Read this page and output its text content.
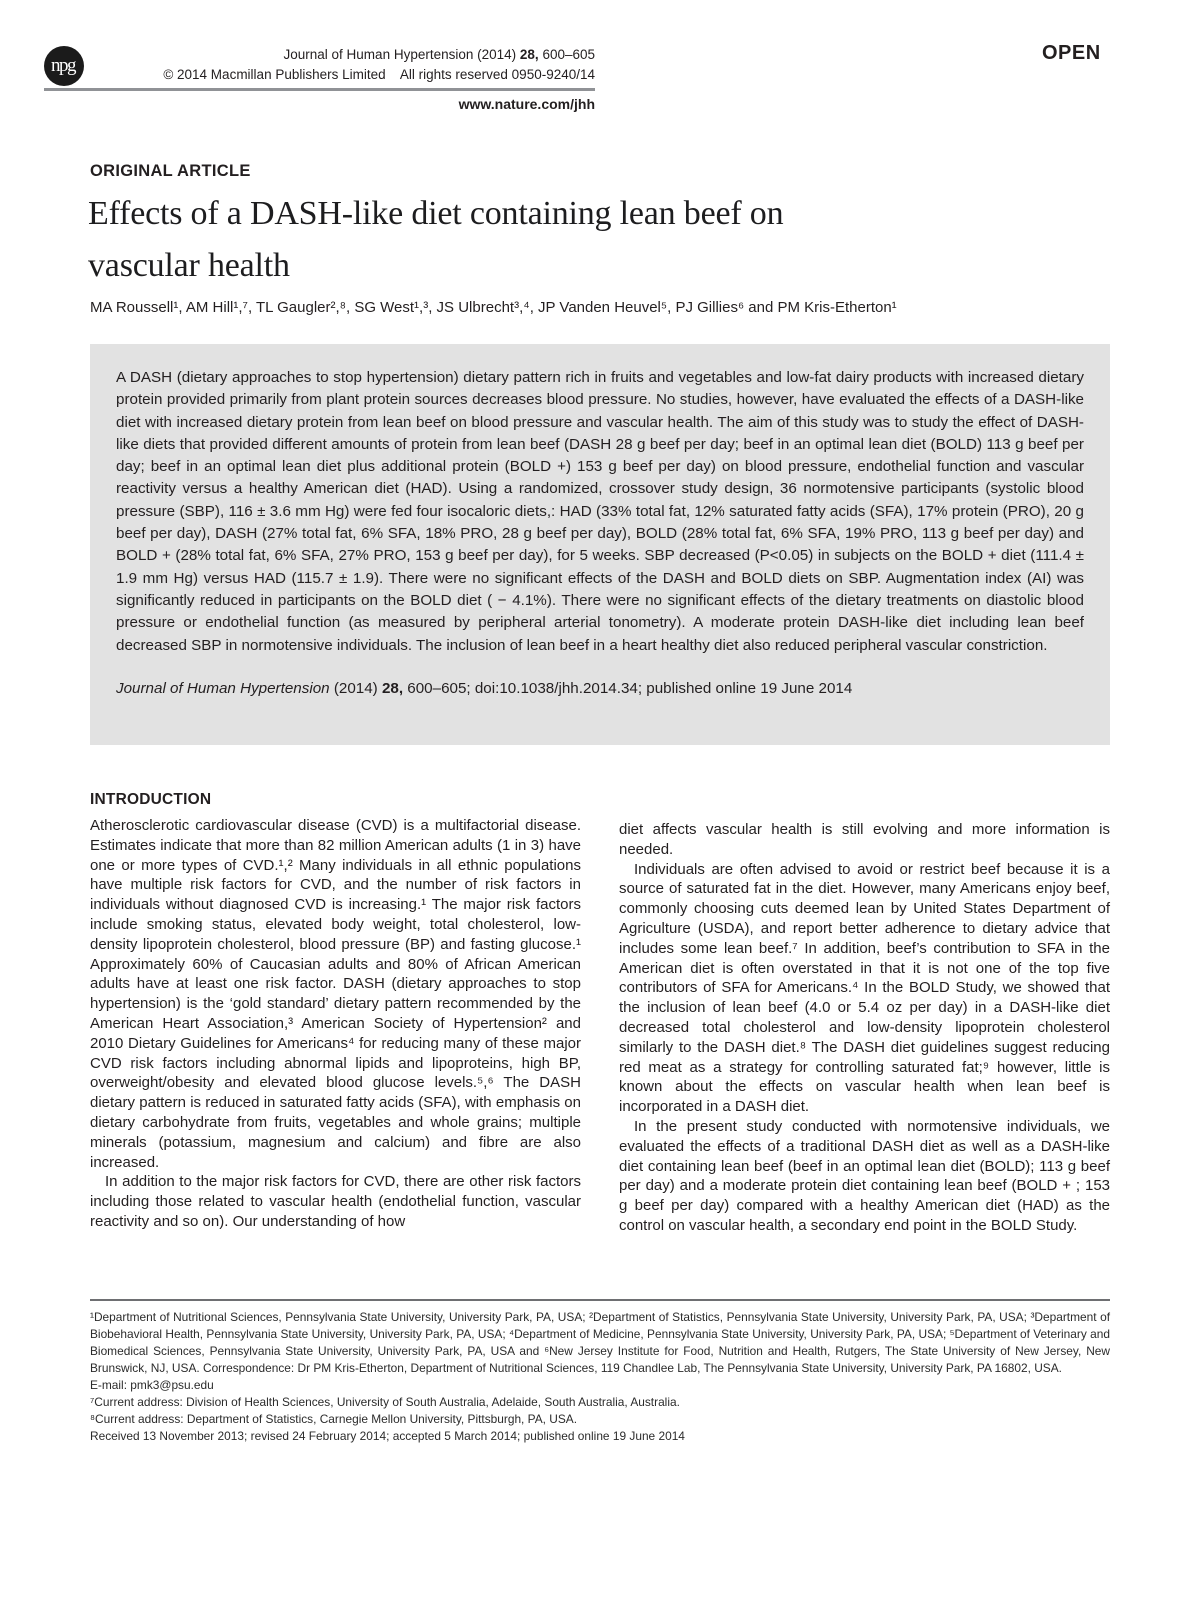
npg
Journal of Human Hypertension (2014) 28, 600–605
© 2014 Macmillan Publishers Limited    All rights reserved 0950-9240/14
www.nature.com/jhh
OPEN
ORIGINAL ARTICLE
Effects of a DASH-like diet containing lean beef on
vascular health
MA Roussell¹, AM Hill¹,⁷, TL Gaugler²,⁸, SG West¹,³, JS Ulbrecht³,⁴, JP Vanden Heuvel⁵, PJ Gillies⁶ and PM Kris-Etherton¹

A DASH (dietary approaches to stop hypertension) dietary pattern rich in fruits and vegetables and low-fat dairy products with increased dietary protein provided primarily from plant protein sources decreases blood pressure. No studies, however, have evaluated the effects of a DASH-like diet with increased dietary protein from lean beef on blood pressure and vascular health. The aim of this study was to study the effect of DASH-like diets that provided different amounts of protein from lean beef (DASH 28 g beef per day; beef in an optimal lean diet (BOLD) 113 g beef per day; beef in an optimal lean diet plus additional protein (BOLD +) 153 g beef per day) on blood pressure, endothelial function and vascular reactivity versus a healthy American diet (HAD). Using a randomized, crossover study design, 36 normotensive participants (systolic blood pressure (SBP), 116 ± 3.6 mm Hg) were fed four isocaloric diets,: HAD (33% total fat, 12% saturated fatty acids (SFA), 17% protein (PRO), 20 g beef per day), DASH (27% total fat, 6% SFA, 18% PRO, 28 g beef per day), BOLD (28% total fat, 6% SFA, 19% PRO, 113 g beef per day) and BOLD + (28% total fat, 6% SFA, 27% PRO, 153 g beef per day), for 5 weeks. SBP decreased (P<0.05) in subjects on the BOLD + diet (111.4 ± 1.9 mm Hg) versus HAD (115.7 ± 1.9). There were no significant effects of the DASH and BOLD diets on SBP. Augmentation index (AI) was significantly reduced in participants on the BOLD diet ( − 4.1%). There were no significant effects of the dietary treatments on diastolic blood pressure or endothelial function (as measured by peripheral arterial tonometry). A moderate protein DASH-like diet including lean beef decreased SBP in normotensive individuals. The inclusion of lean beef in a heart healthy diet also reduced peripheral vascular constriction.

Journal of Human Hypertension (2014) 28, 600–605; doi:10.1038/jhh.2014.34; published online 19 June 2014

INTRODUCTION

Atherosclerotic cardiovascular disease (CVD) is a multifactorial disease. Estimates indicate that more than 82 million American adults (1 in 3) have one or more types of CVD.¹,² Many individuals in all ethnic populations have multiple risk factors for CVD, and the number of risk factors in individuals without diagnosed CVD is increasing.¹ The major risk factors include smoking status, elevated body weight, total cholesterol, low-density lipoprotein cholesterol, blood pressure (BP) and fasting glucose.¹ Approximately 60% of Caucasian adults and 80% of African American adults have at least one risk factor. DASH (dietary approaches to stop hypertension) is the ‘gold standard’ dietary pattern recommended by the American Heart Association,³ American Society of Hypertension² and 2010 Dietary Guidelines for Americans⁴ for reducing many of these major CVD risk factors including abnormal lipids and lipoproteins, high BP, overweight/obesity and elevated blood glucose levels.⁵,⁶ The DASH dietary pattern is reduced in saturated fatty acids (SFA), with emphasis on dietary carbohydrate from fruits, vegetables and whole grains; multiple minerals (potassium, magnesium and calcium) and fibre are also increased.

In addition to the major risk factors for CVD, there are other risk factors including those related to vascular health (endothelial function, vascular reactivity and so on). Our understanding of how

diet affects vascular health is still evolving and more information is needed.

Individuals are often advised to avoid or restrict beef because it is a source of saturated fat in the diet. However, many Americans enjoy beef, commonly choosing cuts deemed lean by United States Department of Agriculture (USDA), and report better adherence to dietary advice that includes some lean beef.⁷ In addition, beef’s contribution to SFA in the American diet is often overstated in that it is not one of the top five contributors of SFA for Americans.⁴ In the BOLD Study, we showed that the inclusion of lean beef (4.0 or 5.4 oz per day) in a DASH-like diet decreased total cholesterol and low-density lipoprotein cholesterol similarly to the DASH diet.⁸ The DASH diet guidelines suggest reducing red meat as a strategy for controlling saturated fat;⁹ however, little is known about the effects on vascular health when lean beef is incorporated in a DASH diet.

In the present study conducted with normotensive individuals, we evaluated the effects of a traditional DASH diet as well as a DASH-like diet containing lean beef (beef in an optimal lean diet (BOLD); 113 g beef per day) and a moderate protein diet containing lean beef (BOLD + ; 153 g beef per day) compared with a healthy American diet (HAD) as the control on vascular health, a secondary end point in the BOLD Study.

¹Department of Nutritional Sciences, Pennsylvania State University, University Park, PA, USA; ²Department of Statistics, Pennsylvania State University, University Park, PA, USA; ³Department of Biobehavioral Health, Pennsylvania State University, University Park, PA, USA; ⁴Department of Medicine, Pennsylvania State University, University Park, PA, USA; ⁵Department of Veterinary and Biomedical Sciences, Pennsylvania State University, University Park, PA, USA and ⁶New Jersey Institute for Food, Nutrition and Health, Rutgers, The State University of New Jersey, New Brunswick, NJ, USA. Correspondence: Dr PM Kris-Etherton, Department of Nutritional Sciences, 119 Chandlee Lab, The Pennsylvania State University, University Park, PA 16802, USA.

E-mail: pmk3@psu.edu

⁷Current address: Division of Health Sciences, University of South Australia, Adelaide, South Australia, Australia.

⁸Current address: Department of Statistics, Carnegie Mellon University, Pittsburgh, PA, USA.

Received 13 November 2013; revised 24 February 2014; accepted 5 March 2014; published online 19 June 2014
